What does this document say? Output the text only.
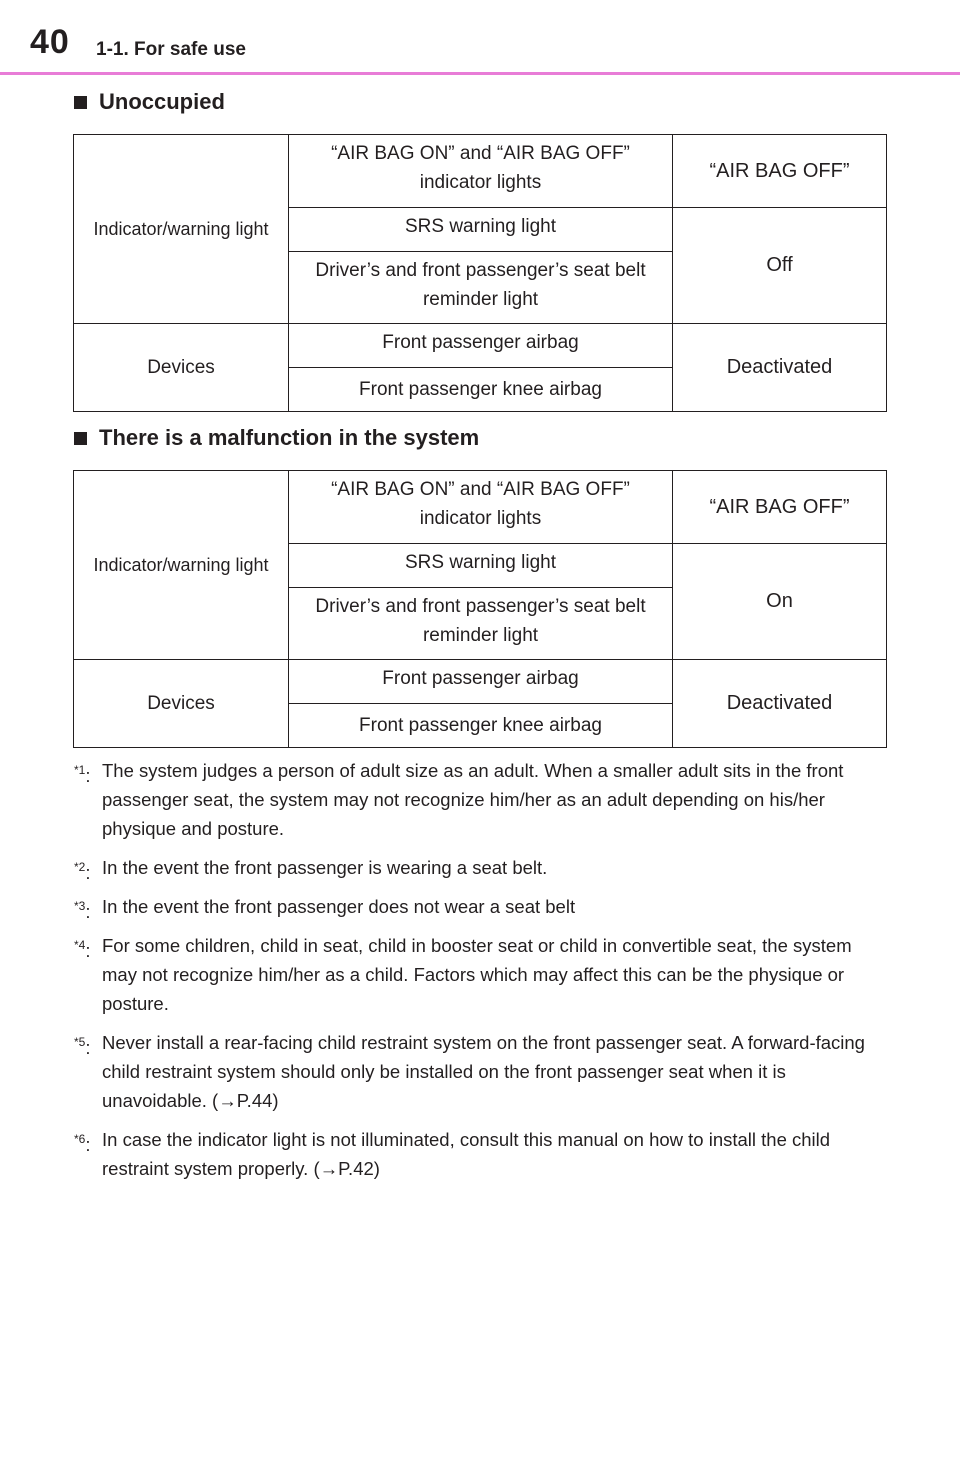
40 1-1. For safe use
Unoccupied
Indicator/warning light	“AIR BAG ON” and “AIR BAG OFF” indicator lights	“AIR BAG OFF”
	SRS warning light	Off
	Driver’s and front passenger’s seat belt reminder light	
Devices	Front passenger airbag	Deactivated
	Front passenger knee airbag	
There is a malfunction in the system
Indicator/warning light	“AIR BAG ON” and “AIR BAG OFF” indicator lights	“AIR BAG OFF”
	SRS warning light	On
	Driver’s and front passenger’s seat belt reminder light	
Devices	Front passenger airbag	Deactivated
	Front passenger knee airbag	
$^{*1}$: The system judges a person of adult size as an adult. When a smaller adult sits in the front passenger seat, the system may not recognize him/her as an adult depending on his/her physique and posture.
$^{*2}$: In the event the front passenger is wearing a seat belt.
$^{*3}$: In the event the front passenger does not wear a seat belt
$^{*4}$: For some children, child in seat, child in booster seat or child in convertible seat, the system may not recognize him/her as a child. Factors which may affect this can be the physique or posture.
$^{*5}$: Never install a rear-facing child restraint system on the front passenger seat. A forward-facing child restraint system should only be installed on the front passenger seat when it is unavoidable. (→P.44)
$^{*6}$: In case the indicator light is not illuminated, consult this manual on how to install the child restraint system properly. (→P.42)
